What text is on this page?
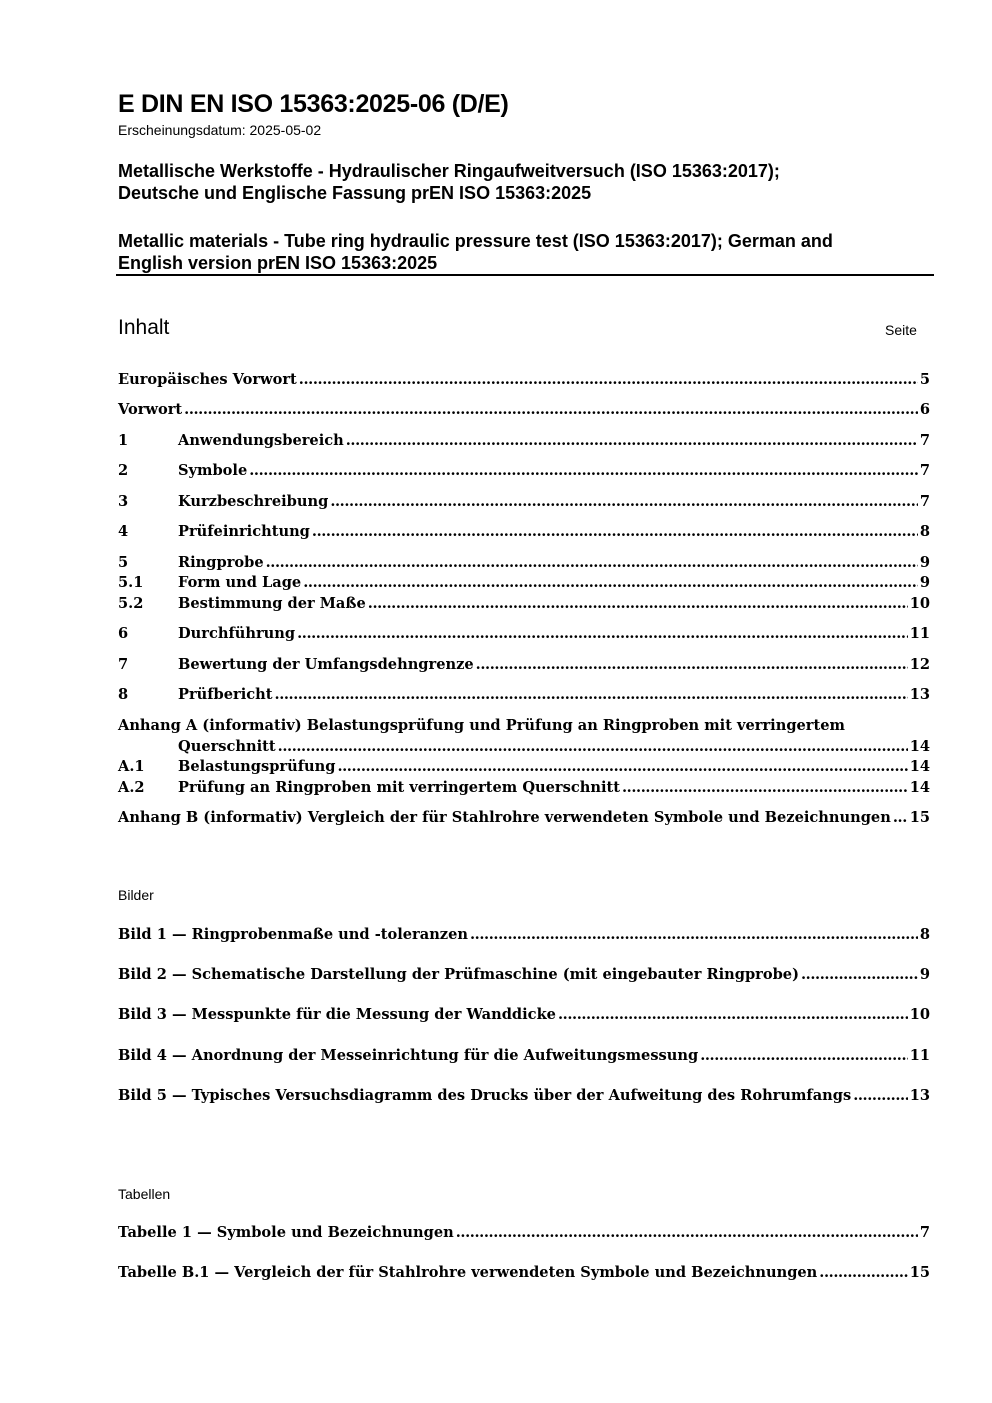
E DIN EN ISO 15363:2025-06 (D/E)
Erscheinungsdatum: 2025-05-02
Metallische Werkstoffe - Hydraulischer Ringaufweitversuch (ISO 15363:2017);
Deutsche und Englische Fassung prEN ISO 15363:2025
Metallic materials - Tube ring hydraulic pressure test (ISO 15363:2017); German and
English version prEN ISO 15363:2025
Inhalt	Seite
Europäisches Vorwort .....	5
Vorwort .....	6
1	Anwendungsbereich .....	7
2	Symbole .....	7
3	Kurzbeschreibung .....	7
4	Prüfeinrichtung .....	8
5	Ringprobe .....	9
5.1	Form und Lage .....	9
5.2	Bestimmung der Maße .....	10
6	Durchführung .....	11
7	Bewertung der Umfangsdehngrenze .....	12
8	Prüfbericht .....	13
Anhang A (informativ) Belastungsprüfung und Prüfung an Ringproben mit verringertem
Querschnitt .....	14
A.1	Belastungsprüfung .....	14
A.2	Prüfung an Ringproben mit verringertem Querschnitt .....	14
Anhang B (informativ) Vergleich der für Stahlrohre verwendeten Symbole und Bezeichnungen ..... 15
Bilder
Bild 1 — Ringprobenmaße und -toleranzen .....	8
Bild 2 — Schematische Darstellung der Prüfmaschine (mit eingebauter Ringprobe) .....	9
Bild 3 — Messpunkte für die Messung der Wanddicke .....	10
Bild 4 — Anordnung der Messeinrichtung für die Aufweitungsmessung .....	11
Bild 5 — Typisches Versuchsdiagramm des Drucks über der Aufweitung des Rohrumfangs .....	13
Tabellen
Tabelle 1 — Symbole und Bezeichnungen .....	7
Tabelle B.1 — Vergleich der für Stahlrohre verwendeten Symbole und Bezeichnungen .....	15
